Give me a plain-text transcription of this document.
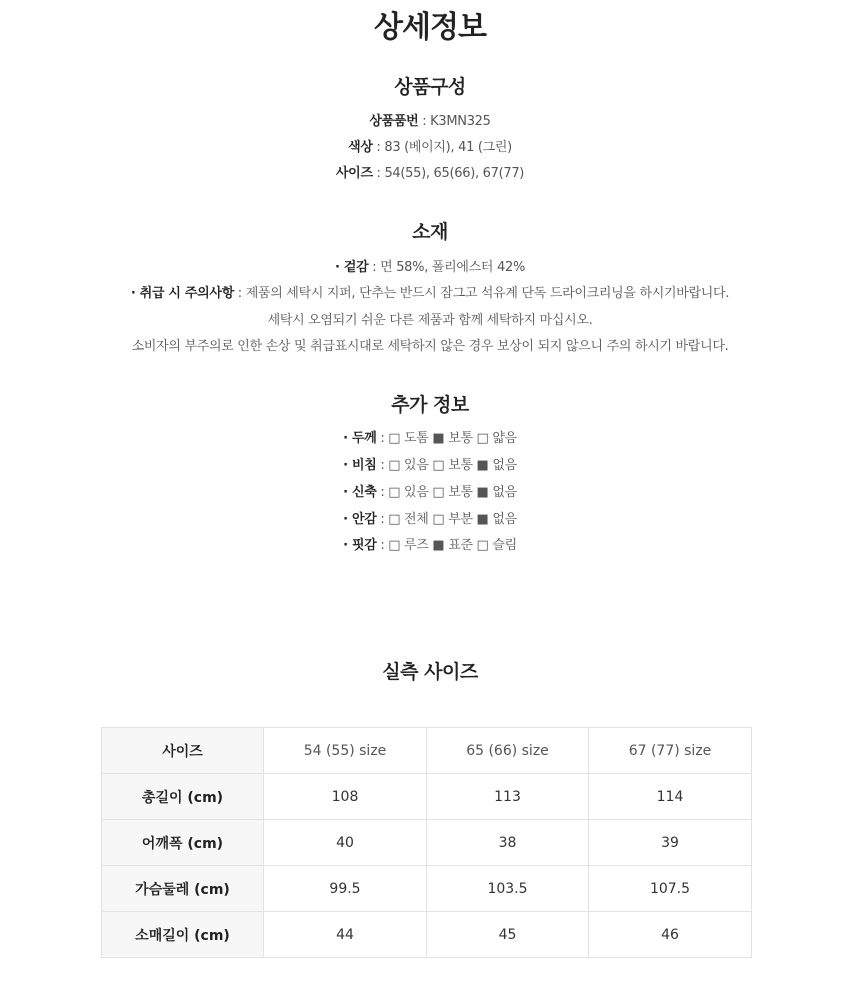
상세정보
상품구성
상품품번 : K3MN325
색상 : 83 (베이지), 41 (그린)
사이즈 : 54(55), 65(66), 67(77)
소재
· 겉감 : 면 58%, 폴리에스터 42%
· 취급 시 주의사항 : 제품의 세탁시 지퍼, 단추는 반드시 잠그고 석유계 단독 드라이크리닝을 하시기바랍니다.
세탁시 오염되기 쉬운 다른 제품과 함께 세탁하지 마십시오.
소비자의 부주의로 인한 손상 및 취급표시대로 세탁하지 않은 경우 보상이 되지 않으니 주의 하시기 바랍니다.
추가 정보
· 두께 : □ 도톰 ■ 보통 □ 얇음
· 비침 : □ 있음 □ 보통 ■ 없음
· 신축 : □ 있음 □ 보통 ■ 없음
· 안감 : □ 전체 □ 부분 ■ 없음
· 핏감 : □ 루즈 ■ 표준 □ 슬림
실측 사이즈
사이즈	54 (55) size	65 (66) size	67 (77) size
총길이 (cm)	108	113	114
어깨폭 (cm)	40	38	39
가슴둘레 (cm)	99.5	103.5	107.5
소매길이 (cm)	44	45	46
